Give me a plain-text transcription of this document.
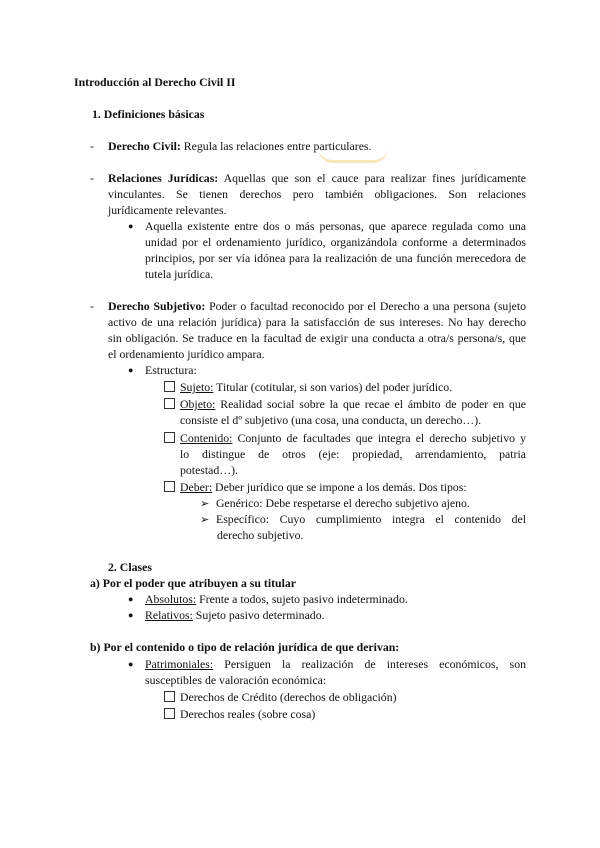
Introducción al Derecho Civil II
1. Definiciones básicas
- Derecho Civil: Regula las relaciones entre particulares.
- Relaciones Jurídicas: Aquellas que son el cauce para realizar fines jurídicamente
vinculantes. Se tienen derechos pero también obligaciones. Son relaciones
jurídicamente relevantes.
● Aquella existente entre dos o más personas, que aparece regulada como una
unidad por el ordenamiento jurídico, organizándola conforme a determinados
principios, por ser vía idónea para la realización de una función merecedora de
tutela jurídica.
- Derecho Subjetivo: Poder o facultad reconocido por el Derecho a una persona (sujeto
activo de una relación jurídica) para la satisfacción de sus intereses. No hay derecho
sin obligación. Se traduce en la facultad de exigir una conducta a otra/s persona/s, que
el ordenamiento jurídico ampara.
● Estructura:
Sujeto: Titular (cotitular, si son varios) del poder jurídico.
Objeto: Realidad social sobre la que recae el ámbito de poder en que
consiste el dº subjetivo (una cosa, una conducta, un derecho…).
Contenido: Conjunto de facultades que integra el derecho subjetivo y
lo distingue de otros (eje: propiedad, arrendamiento, patria
potestad…).
Deber: Deber jurídico que se impone a los demás. Dos tipos:
➢ Genérico: Debe respetarse el derecho subjetivo ajeno.
➢ Específico: Cuyo cumplimiento integra el contenido del
derecho subjetivo.
2. Clases
a) Por el poder que atribuyen a su titular
● Absolutos: Frente a todos, sujeto pasivo indeterminado.
● Relativos: Sujeto pasivo determinado.
b) Por el contenido o tipo de relación jurídica de que derivan:
● Patrimoniales: Persiguen la realización de intereses económicos, son
susceptibles de valoración económica:
Derechos de Crédito (derechos de obligación)
Derechos reales (sobre cosa)
